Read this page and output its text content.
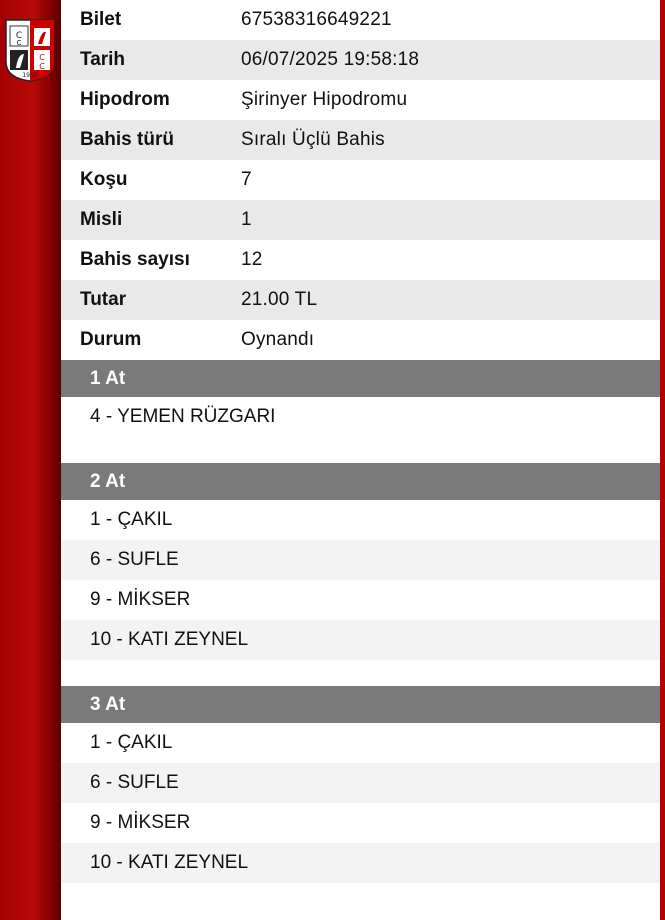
C
C
C
C
1950
Bilet	67538316649221
Tarih	06/07/2025 19:58:18
Hipodrom	Şirinyer Hipodromu
Bahis türü	Sıralı Üçlü Bahis
Koşu	7
Misli	1
Bahis sayısı	12
Tutar	21.00 TL
Durum	Oynandı
1 At
4 - YEMEN RÜZGARI
2 At
1 - ÇAKIL
6 - SUFLE
9 - MİKSER
10 - KATI ZEYNEL
3 At
1 - ÇAKIL
6 - SUFLE
9 - MİKSER
10 - KATI ZEYNEL
